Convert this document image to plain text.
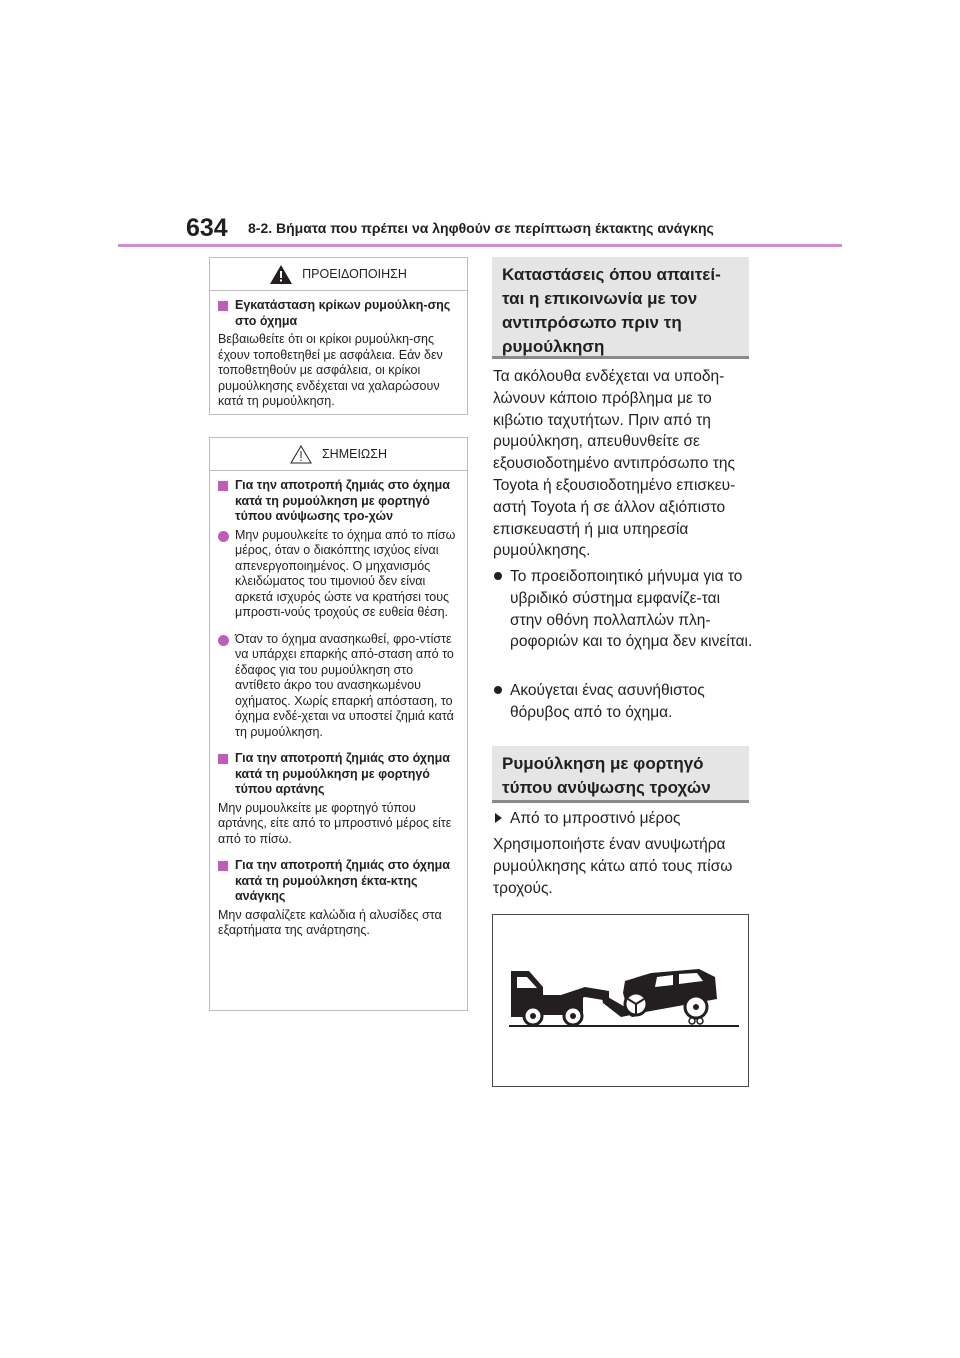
634 8-2. Βήματα που πρέπει να ληφθούν σε περίπτωση έκτακτης ανάγκης
ΠΡΟΕΙΔΟΠΟΙΗΣΗ
Εγκατάσταση κρίκων ρυμούλκη-σης στο όχημα
Βεβαιωθείτε ότι οι κρίκοι ρυμούλκη-σης έχουν τοποθετηθεί με ασφάλεια. Εάν δεν τοποθετηθούν με ασφάλεια, οι κρίκοι ρυμούλκησης ενδέχεται να χαλαρώσουν κατά τη ρυμούλκηση.
ΣΗΜΕΙΩΣΗ
Για την αποτροπή ζημιάς στο όχημα κατά τη ρυμούλκηση με φορτηγό τύπου ανύψωσης τρο-χών
Μην ρυμουλκείτε το όχημα από το πίσω μέρος, όταν ο διακόπτης ισχύος είναι απενεργοποιημένος. Ο μηχανισμός κλειδώματος του τιμονιού δεν είναι αρκετά ισχυρός ώστε να κρατήσει τους μπροστι-νούς τροχούς σε ευθεία θέση.
Όταν το όχημα ανασηκωθεί, φρο-ντίστε να υπάρχει επαρκής από-σταση από το έδαφος για του ρυμούλκηση στο αντίθετο άκρο του ανασηκωμένου οχήματος. Χωρίς επαρκή απόσταση, το όχημα ενδέ-χεται να υποστεί ζημιά κατά τη ρυμούλκηση.
Για την αποτροπή ζημιάς στο όχημα κατά τη ρυμούλκηση με φορτηγό τύπου αρτάνης
Μην ρυμουλκείτε με φορτηγό τύπου αρτάνης, είτε από το μπροστινό μέρος είτε από το πίσω.
Για την αποτροπή ζημιάς στο όχημα κατά τη ρυμούλκηση έκτα-κτης ανάγκης
Μην ασφαλίζετε καλώδια ή αλυσίδες στα εξαρτήματα της ανάρτησης.
Καταστάσεις όπου απαιτεί-ται η επικοινωνία με τον αντιπρόσωπο πριν τη ρυμούλκηση
Τα ακόλουθα ενδέχεται να υποδη-λώνουν κάποιο πρόβλημα με το κιβώτιο ταχυτήτων. Πριν από τη ρυμούλκηση, απευθυνθείτε σε εξουσιοδοτημένο αντιπρόσωπο της Toyota ή εξουσιοδοτημένο επισκευ-αστή Toyota ή σε άλλον αξιόπιστο επισκευαστή ή μια υπηρεσία ρυμούλκησης.
Το προειδοποιητικό μήνυμα για το υβριδικό σύστημα εμφανίζε-ται στην οθόνη πολλαπλών πλη-ροφοριών και το όχημα δεν κινείται.
Ακούγεται ένας ασυνήθιστος θόρυβος από το όχημα.
Ρυμούλκηση με φορτηγό τύπου ανύψωσης τροχών
Από το μπροστινό μέρος
Χρησιμοποιήστε έναν ανυψωτήρα ρυμούλκησης κάτω από τους πίσω τροχούς.
